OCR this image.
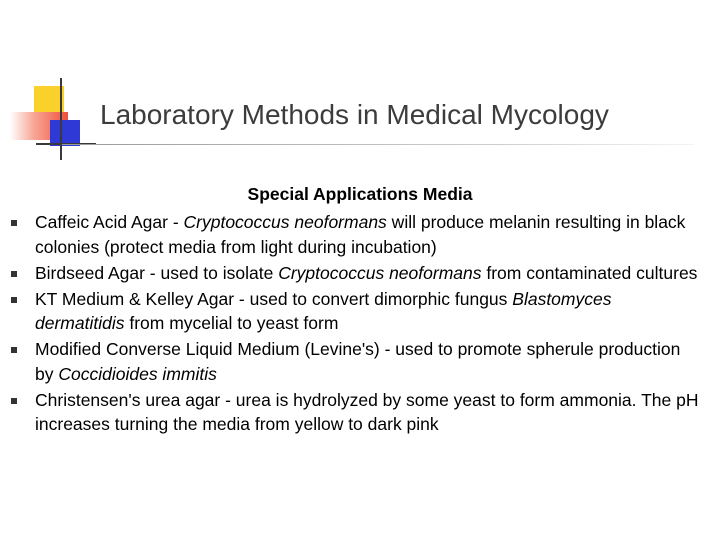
Laboratory Methods in Medical Mycology
Special Applications Media
Caffeic Acid Agar - Cryptococcus neoformans will produce melanin resulting in black colonies (protect media from light during incubation)
Birdseed Agar - used to isolate Cryptococcus neoformans from contaminated cultures
KT Medium & Kelley Agar - used to convert dimorphic fungus Blastomyces dermatitidis from mycelial to yeast form
Modified Converse Liquid Medium (Levine's) - used to promote spherule production by Coccidioides immitis
Christensen's urea agar - urea is hydrolyzed by some yeast to form ammonia. The pH increases turning the media from yellow to dark pink
